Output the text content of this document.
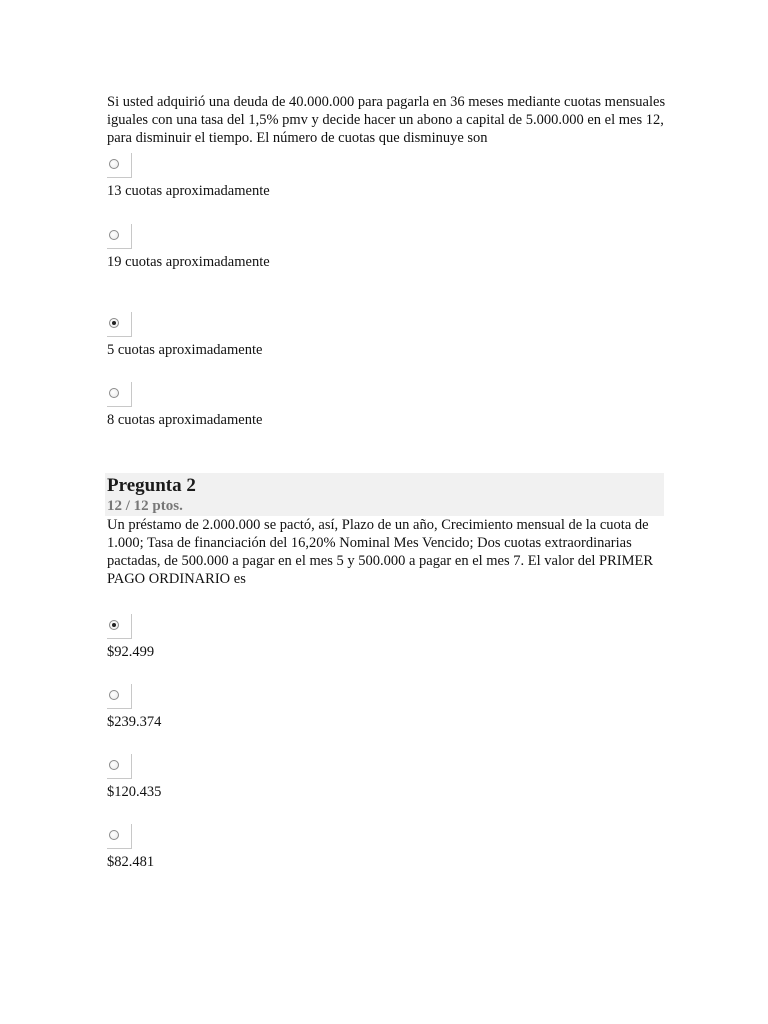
Si usted adquirió una deuda de 40.000.000 para pagarla en 36 meses mediante cuotas mensuales iguales con una tasa del 1,5% pmv y decide hacer un abono a capital de 5.000.000 en el mes 12, para disminuir el tiempo. El número de cuotas que disminuye son
13 cuotas aproximadamente
19 cuotas aproximadamente
5 cuotas aproximadamente
8 cuotas aproximadamente
Pregunta 2
12 / 12 ptos.
Un préstamo de 2.000.000 se pactó, así, Plazo de un año, Crecimiento mensual de la cuota de 1.000; Tasa de financiación del 16,20% Nominal Mes Vencido; Dos cuotas extraordinarias pactadas, de 500.000 a pagar en el mes 5 y 500.000 a pagar en el mes 7. El valor del PRIMER PAGO ORDINARIO es
$92.499
$239.374
$120.435
$82.481
